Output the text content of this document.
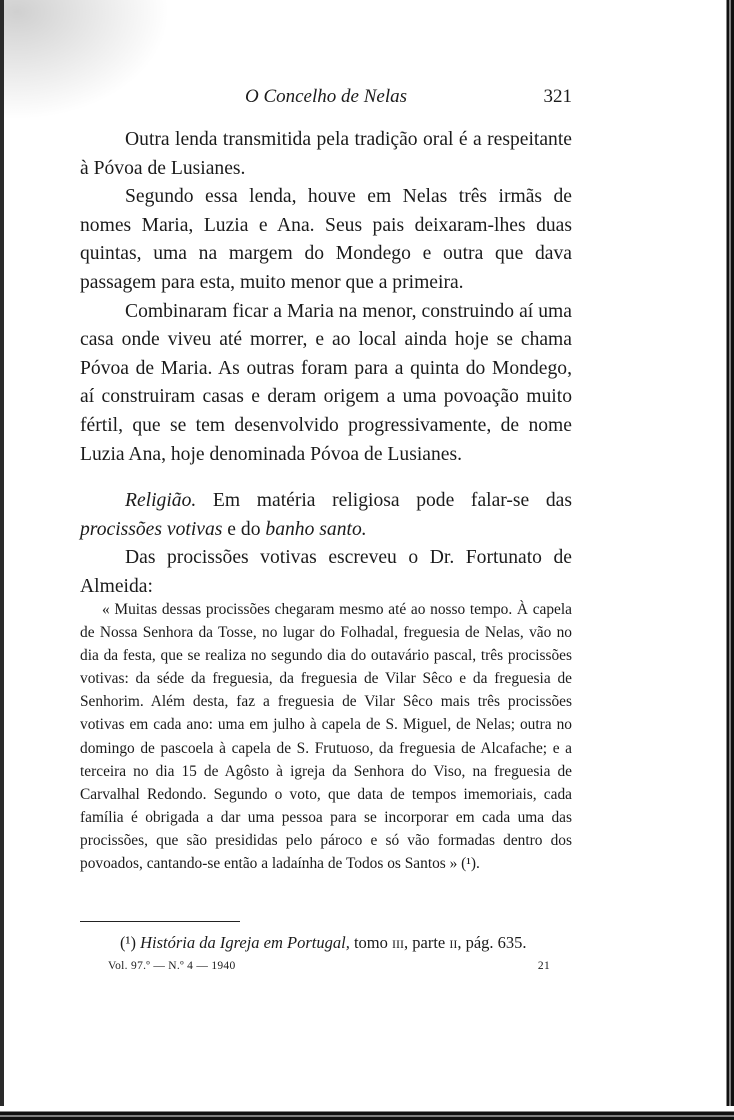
O Concelho de Nelas	321

Outra lenda transmitida pela tradição oral é a respeitante à Póvoa de Lusianes.

Segundo essa lenda, houve em Nelas três irmãs de nomes Maria, Luzia e Ana. Seus pais deixaram-lhes duas quintas, uma na margem do Mondego e outra que dava passagem para esta, muito menor que a primeira.

Combinaram ficar a Maria na menor, construindo aí uma casa onde viveu até morrer, e ao local ainda hoje se chama Póvoa de Maria. As outras foram para a quinta do Mondego, aí construiram casas e deram origem a uma povoação muito fértil, que se tem desenvolvido progressivamente, de nome Luzia Ana, hoje denominada Póvoa de Lusianes.

Religião. Em matéria religiosa pode falar-se das procissões votivas e do banho santo.

Das procissões votivas escreveu o Dr. Fortunato de Almeida:

« Muitas dessas procissões chegaram mesmo até ao nosso tempo. À capela de Nossa Senhora da Tosse, no lugar do Folhadal, freguesia de Nelas, vão no dia da festa, que se realiza no segundo dia do outavário pascal, três procissões votivas: da séde da freguesia, da freguesia de Vilar Sêco e da freguesia de Senhorim. Além desta, faz a freguesia de Vilar Sêco mais três procissões votivas em cada ano: uma em julho à capela de S. Miguel, de Nelas; outra no domingo de pascoela à capela de S. Frutuoso, da freguesia de Alcafache; e a terceira no dia 15 de Agôsto à igreja da Senhora do Viso, na freguesia de Carvalhal Redondo. Segundo o voto, que data de tempos imemoriais, cada família é obrigada a dar uma pessoa para se incorporar em cada uma das procissões, que são presididas pelo pároco e só vão formadas dentro dos povoados, cantando-se então a ladaínha de Todos os Santos » (¹).

(¹) História da Igreja em Portugal, tomo iii, parte ii, pág. 635.
Vol. 97.º — N.º 4 — 1940	21
